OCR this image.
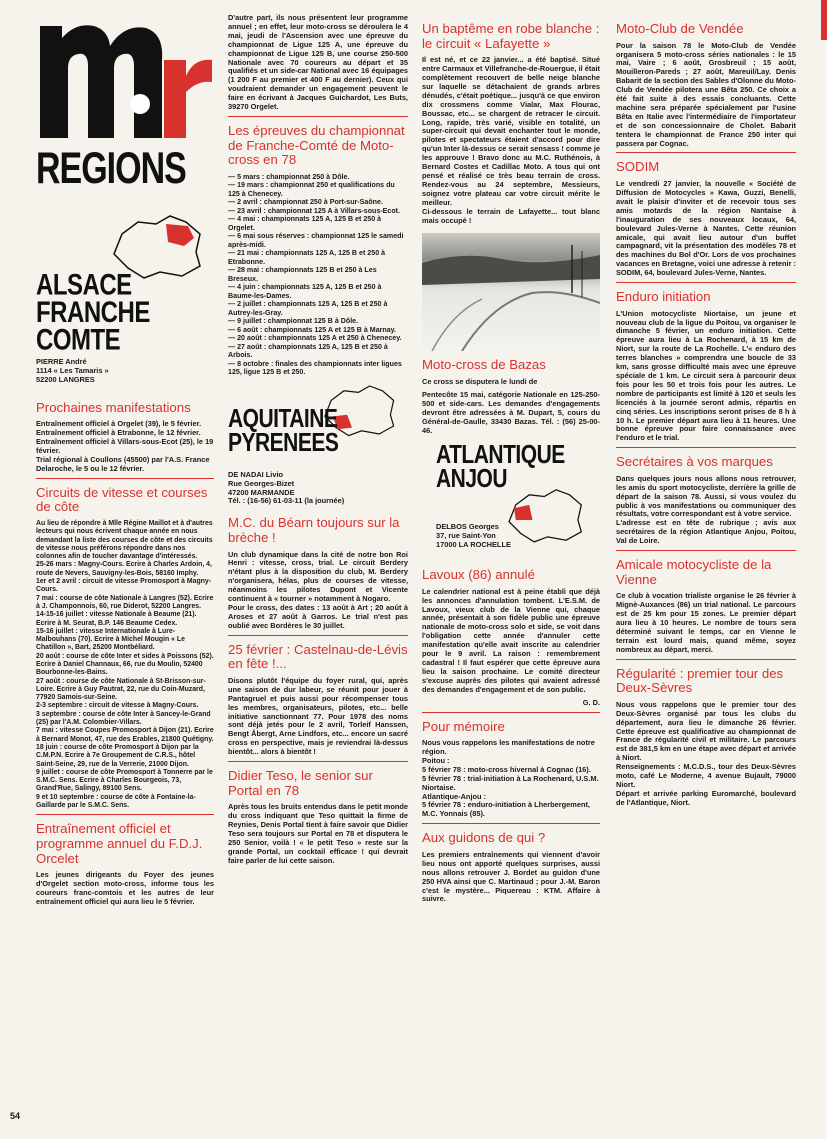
REGIONS
ALSACE
FRANCHE COMTE

PIERRE André
1114 « Les Tamaris »
52200 LANGRES

Prochaines manifestations

Entraînement officiel à Orgelet (39), le 5 février.
Entraînement officiel à Etrabonne, le 12 février.
Entraînement officiel à Villars-sous-Ecot (25), le 19 février.
Trial régional à Coullons (45500) par l'A.S. France Delaroche, le 5 ou le 12 février.

Circuits de vitesse et courses de côte

Au lieu de répondre à Mlle Régine Maillot et à d'autres lecteurs qui nous écrivent chaque année en nous demandant la liste des courses de côte et des circuits de vitesse nous préférons répondre dans nos colonnes afin de toucher davantage d'intéressés.
25-26 mars : Magny-Cours. Ecrire à Charles Ardoin, 4, route de Nevers, Sauvigny-les-Bois, 58160 Imphy.
1er et 2 avril : circuit de vitesse Promosport à Magny-Cours.
7 mai : course de côte Nationale à Langres (52). Ecrire à J. Champonnois, 60, rue Diderot, 52200 Langres.
14-15-16 juillet : vitesse Nationale à Beaume (21). Ecrire à M. Seurat, B.P. 146 Beaume Cedex.
15-16 juillet : vitesse Internationale à Lure-Malbouhans (70). Ecrire à Michel Mougin « Le Chatillon », Bart, 25200 Montbéliard.
20 août : course de côte Inter et sides à Poissons (52). Ecrire à Daniel Channaux, 66, rue du Moulin, 52400 Bourbonne-les-Bains.
27 août : course de côte Nationale à St-Brisson-sur-Loire. Ecrire à Guy Pautrat, 22, rue du Coin-Muzard, 77920 Samois-sur-Seine.
2-3 septembre : circuit de vitesse à Magny-Cours.
3 septembre : course de côte Inter à Sancey-le-Grand (25) par l'A.M. Colombier-Villars.
7 mai : vitesse Coupes Promosport à Dijon (21). Ecrire à Bernard Monot, 47, rue des Erables, 21800 Quétigny.
18 juin : course de côte Promosport à Dijon par la C.M.P.N. Ecrire à 7e Groupement de C.R.S., hôtel Saint-Seine, 29, rue de la Verrerie, 21000 Dijon.
9 juillet : course de côte Promosport à Tonnerre par le S.M.C. Sens. Ecrire à Charles Bourgeois, 73, Grand'Rue, Salingy, 89100 Sens.
9 et 10 septembre : course de côte à Fontaine-la-Gaillarde par le S.M.C. Sens.

Entraînement officiel et programme annuel du F.D.J. Orcelet

Les jeunes dirigeants du Foyer des jeunes d'Orgelet section moto-cross, informe tous les coureurs franc-comtois et les autres de leur entraînement officiel qui aura lieu le 5 février.

54

D'autre part, ils nous présentent leur programme annuel ; en effet, leur moto-cross se déroulera le 4 mai, jeudi de l'Ascension avec une épreuve du championnat de Ligue 125 A, une épreuve du championnat de Ligue 125 B, une course 250-500 Nationale avec 70 coureurs au départ et 35 qualifiés et un side-car National avec 16 équipages (1 200 F au premier et 400 F au dernier). Ceux qui voudraient demander un engagement peuvent le faire en écrivant à Jacques Guichardot, Les Buts, 39270 Orgelet.

Les épreuves du championnat de Franche-Comté de Moto-cross en 78

— 5 mars : championnat 250 à Dôle.
— 19 mars : championnat 250 et qualifications du 125 à Chenecey.
— 2 avril : championnat 250 à Port-sur-Saône.
— 23 avril : championnat 125 A à Villars-sous-Ecot.
— 4 mai : championnats 125 A, 125 B et 250 à Orgelet.
— 6 mai sous réserves : championnat 125 le samedi après-midi.
— 21 mai : championnats 125 A, 125 B et 250 à Etrabonne.
— 28 mai : championnats 125 B et 250 à Les Breseux.
— 4 juin : championnats 125 A, 125 B et 250 à Baume-les-Dames.
— 2 juillet : championnats 125 A, 125 B et 250 à Autrey-les-Gray.
— 9 juillet : championnat 125 B à Dôle.
— 6 août : championnats 125 A et 125 B à Marnay.
— 20 août : championnats 125 A et 250 à Chenecey.
— 27 août : championnats 125 A, 125 B et 250 à Arbois.
— 8 octobre : finales des championnats inter ligues 125, ligue 125 B et 250.

AQUITAINE
PYRENEES

DE NADAI Livio
Rue Georges-Bizet
47200 MARMANDE
Tél. : (16-56) 61-03-11 (la journée)

M.C. du Béarn toujours sur la brèche !

Un club dynamique dans la cité de notre bon Roi Henri : vitesse, cross, trial. Le circuit Berdery n'étant plus à la disposition du club, M. Berdery n'organisera, hélas, plus de courses de vitesse, néanmoins les pilotes Dupont et Vicente continuent à « tourner » notamment à Nogaro.
Pour le cross, des dates : 13 août à Art ; 20 août à Aroses et 27 août à Garros. Le trial n'est pas oublié avec Bordères le 30 juillet.

25 février : Castelnau-de-Lévis en fête !...

Disons plutôt l'équipe du foyer rural, qui, après une saison de dur labeur, se réunit pour jouer à Pantagruel et puis aussi pour récompenser tous les membres, organisateurs, pilotes, etc... belle initiative sanctionnant 77. Pour 1978 des noms sont déjà jetés pour le 2 avril, Torleif Hanssen, Bengt Åbergt, Arne Lindfors, etc... encore un sacré cross en perspective, mais je reviendrai là-dessus bientôt... alors à bientôt !

Didier Teso, le senior sur Portal en 78

Après tous les bruits entendus dans le petit monde du cross indiquant que Teso quittait la firme de Reynies, Denis Portal tient à faire savoir que Didier Teso sera toujours sur Portal en 78 et disputera le 250 Senior, voilà ! « le petit Teso » reste sur la grande Portal, un cocktail efficace ! qui devrait faire parler de lui cette saison.

Un baptême en robe blanche : le circuit « Lafayette »

Il est né, et ce 22 janvier... a été baptisé. Situé entre Carmaux et Villefranche-de-Rouergue, il était complètement recouvert de belle neige blanche sur laquelle se détachaient de grands arbres dénudés, c'était poétique... jusqu'à ce que environ dix crossmens comme Vialar, Max Flourac, Boussac, etc... se chargent de retracer le circuit. Long, rapide, très varié, visible en totalité, un super-circuit qui devait enchanter tout le monde, pilotes et spectateurs étaient d'accord pour dire qu'un Inter là-dessus ce serait sensass ! comme je les approuve ! Bravo donc au M.C. Ruthénois, à Bernard Costes et Cadillac Moto. A tous qui ont pensé et réalisé ce très beau terrain de cross. Rendez-vous au 24 septembre, Messieurs, soignez votre plateau car votre circuit mérite le meilleur.
Ci-dessous le terrain de Lafayette... tout blanc mais occupé !

Moto-cross de Bazas

Ce cross se disputera le lundi de

Pentecôte 15 mai, catégorie Nationale en 125-250-500 et side-cars. Les demandes d'engagements devront être adressées à M. Dupart, 5, cours du Général-de-Gaulle, 33430 Bazas. Tél. : (56) 25-00-46.

ATLANTIQUE
ANJOU

DELBOS Georges
37, rue Saint-Yon
17000 LA ROCHELLE

Lavoux (86) annulé

Le calendrier national est à peine établi que déjà les annonces d'annulation tombent. L'E.S.M. de Lavoux, vieux club de la Vienne qui, chaque année, présentait à son fidèle public une épreuve nationale de moto-cross solo et side, se voit dans l'obligation cette année d'annuler cette manifestation qu'elle avait inscrite au calendrier pour le 9 avril. La raison : remembrement cadastral ! Il faut espérer que cette épreuve aura lieu la saison prochaine. Le comité directeur s'excuse auprès des pilotes qui avaient adressé des demandes d'engagement et de son public.

G. D.

Pour mémoire

Nous vous rappelons les manifestations de notre région.
Poitou :
5 février 78 : moto-cross hivernal à Cognac (16).
5 février 78 : trial-initiation à La Rochenard, U.S.M. Niortaise.
Atlantique-Anjou :
5 février 78 : enduro-initiation à Lherbergement, M.C. Yonnais (85).

Aux guidons de qui ?

Les premiers entraînements qui viennent d'avoir lieu nous ont apporté quelques surprises, aussi nous allons retrouver J. Bordet au guidon d'une 250 HVA ainsi que C. Martinaud ; pour J.-M. Baron c'est le mystère... Piquereau : KTM. Affaire à suivre.

Moto-Club de Vendée

Pour la saison 78 le Moto-Club de Vendée organisera 5 moto-cross séries nationales : le 15 mai, Vaire ; 6 août, Grosbreuil ; 15 août, Mouilleron-Pareds ; 27 août, Mareuil/Lay. Denis Babarit de la section des Sables d'Olonne du Moto-Club de Vendée pilotera une Bêta 250. Ce choix a été fait suite à des essais concluants. Cette machine sera préparée spécialement par l'usine Bêta en Italie avec l'intermédiaire de l'importateur et de son concessionnaire de Cholet. Babarit tentera le championnat de France 250 inter qui passera par Cognac.

SODIM

Le vendredi 27 janvier, la nouvelle « Société de Diffusion de Motocycles » Kawa, Guzzi, Benelli, avait le plaisir d'inviter et de recevoir tous ses amis motards de la région Nantaise à l'inauguration de ses nouveaux locaux, 64, boulevard Jules-Verne à Nantes. Cette réunion amicale, qui avait lieu autour d'un buffet campagnard, vit la présentation des modèles 78 et des machines du Bol d'Or. Lors de vos prochaines vacances en Bretagne, voici une adresse à retenir : SODIM, 64, boulevard Jules-Verne, Nantes.

Enduro initiation

L'Union motocycliste Niortaise, un jeune et nouveau club de la ligue du Poitou, va organiser le dimanche 5 février, un enduro initiation. Cette épreuve aura lieu à La Rochenard, à 15 km de Niort, sur la route de La Rochelle. L'« enduro des terres blanches » comprendra une boucle de 33 km, sans grosse difficulté mais avec une épreuve spéciale de 1 km. Le circuit sera à parcourir deux fois pour les 50 et trois fois pour les autres. Le nombre de participants est limité à 120 et seuls les licenciés à la journée seront admis, répartis en cinq séries. Les inscriptions seront prises de 8 h à 10 h. Le premier départ aura lieu à 11 heures. Une bonne épreuve pour faire connaissance avec l'enduro et le trial.

Secrétaires à vos marques

Dans quelques jours nous allons nous retrouver, les amis du sport motocycliste, derrière la grille de départ de la saison 78. Aussi, si vous voulez du public à vos manifestations ou communiquer des résultats, votre correspondant est à votre service.
L'adresse est en tête de rubrique ; avis aux secrétaires de la région Atlantique Anjou, Poitou, Val de Loire.

Amicale motocycliste de la Vienne

Ce club à vocation trialiste organise le 26 février à Mignè-Auxances (86) un trial national. Le parcours est de 25 km pour 15 zones. Le premier départ aura lieu à 10 heures. Le nombre de tours sera déterminé suivant le temps, car en Vienne le terrain est lourd mais, quand même, soyez nombreux au départ, merci.

Régularité : premier tour des Deux-Sèvres

Nous vous rappelons que le premier tour des Deux-Sèvres organisé par tous les clubs du département, aura lieu le dimanche 26 février. Cette épreuve est qualificative au championnat de France de régularité civil et militaire. Le parcours est de 381,5 km en une étape avec départ et arrivée à Niort.
Renseignements : M.C.D.S., tour des Deux-Sèvres moto, café Le Moderne, 4 avenue Bujault, 79000 Niort.
Départ et arrivée parking Euromarché, boulevard de l'Atlantique, Niort.
